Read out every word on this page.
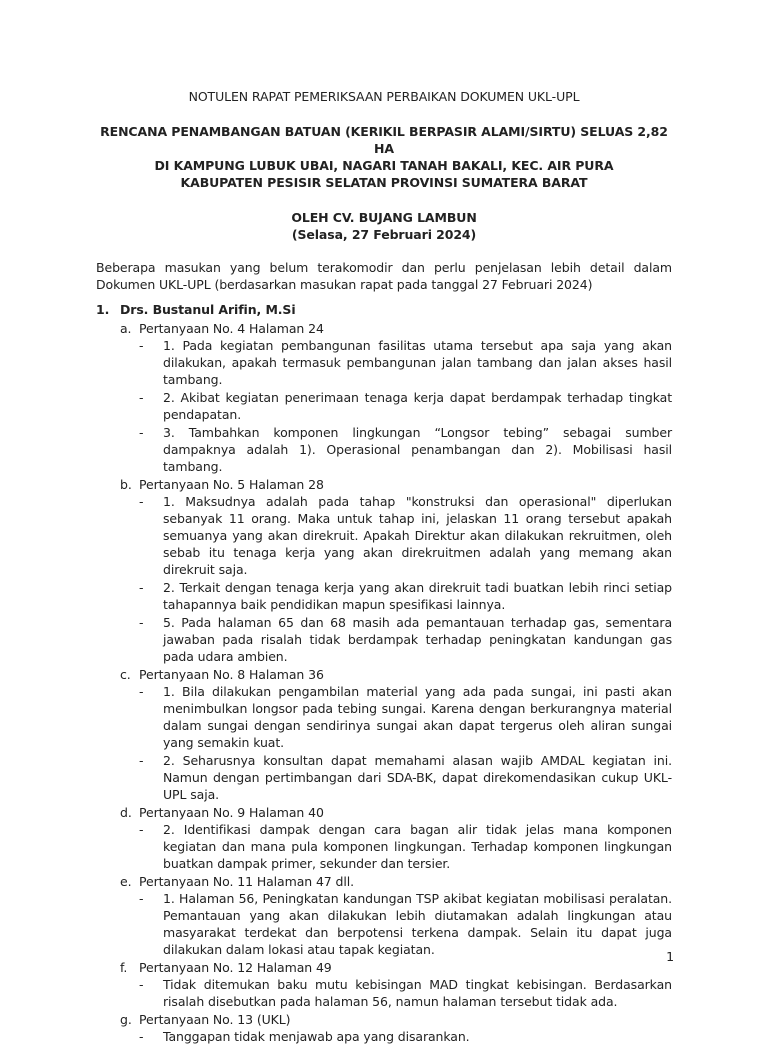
NOTULEN RAPAT PEMERIKSAAN PERBAIKAN DOKUMEN UKL-UPL
RENCANA PENAMBANGAN BATUAN (KERIKIL BERPASIR ALAMI/SIRTU) SELUAS 2,82 HA
DI KAMPUNG LUBUK UBAI, NAGARI TANAH BAKALI, KEC. AIR PURA
KABUPATEN PESISIR SELATAN PROVINSI SUMATERA BARAT
OLEH CV. BUJANG LAMBUN
(Selasa, 27 Februari 2024)
Beberapa masukan yang belum terakomodir dan perlu penjelasan lebih detail dalam Dokumen UKL-UPL (berdasarkan masukan rapat pada tanggal 27 Februari 2024)
1. Drs. Bustanul Arifin, M.Si
a. Pertanyaan No. 4 Halaman 24
-	1. Pada kegiatan pembangunan fasilitas utama tersebut apa saja yang akan dilakukan, apakah termasuk pembangunan jalan tambang dan jalan akses hasil tambang.
-	2. Akibat kegiatan penerimaan tenaga kerja dapat berdampak terhadap tingkat pendapatan.
-	3. Tambahkan komponen lingkungan “Longsor tebing” sebagai sumber dampaknya adalah 1). Operasional penambangan dan 2). Mobilisasi hasil tambang.
b. Pertanyaan No. 5 Halaman 28
-	1. Maksudnya adalah pada tahap "konstruksi dan operasional" diperlukan sebanyak 11 orang. Maka untuk tahap ini, jelaskan 11 orang tersebut apakah semuanya yang akan direkruit. Apakah Direktur akan dilakukan rekruitmen, oleh sebab itu tenaga kerja yang akan direkruitmen adalah yang memang akan direkruit saja.
-	2. Terkait dengan tenaga kerja yang akan direkruit tadi buatkan lebih rinci setiap tahapannya baik pendidikan mapun spesifikasi lainnya.
-	5. Pada halaman 65 dan 68 masih ada pemantauan terhadap gas, sementara jawaban pada risalah tidak berdampak terhadap peningkatan kandungan gas pada udara ambien.
c. Pertanyaan No. 8 Halaman 36
-	1. Bila dilakukan pengambilan material yang ada pada sungai, ini pasti akan menimbulkan longsor pada tebing sungai. Karena dengan berkurangnya material dalam sungai dengan sendirinya sungai akan dapat tergerus oleh aliran sungai yang semakin kuat.
-	2. Seharusnya konsultan dapat memahami alasan wajib AMDAL kegiatan ini. Namun dengan pertimbangan dari SDA-BK, dapat direkomendasikan cukup UKL-UPL saja.
d. Pertanyaan No. 9 Halaman 40
-	2. Identifikasi dampak dengan cara bagan alir tidak jelas mana komponen kegiatan dan mana pula komponen lingkungan. Terhadap komponen lingkungan buatkan dampak primer, sekunder dan tersier.
e. Pertanyaan No. 11 Halaman 47 dll.
-	1. Halaman 56, Peningkatan kandungan TSP akibat kegiatan mobilisasi peralatan. Pemantauan yang akan dilakukan lebih diutamakan adalah lingkungan atau masyarakat terdekat dan berpotensi terkena dampak. Selain itu dapat juga dilakukan dalam lokasi atau tapak kegiatan.
f. Pertanyaan No. 12 Halaman 49
-	Tidak ditemukan baku mutu kebisingan MAD tingkat kebisingan. Berdasarkan risalah disebutkan pada halaman 56, namun halaman tersebut tidak ada.
g. Pertanyaan No. 13 (UKL)
-	Tanggapan tidak menjawab apa yang disarankan.
1
